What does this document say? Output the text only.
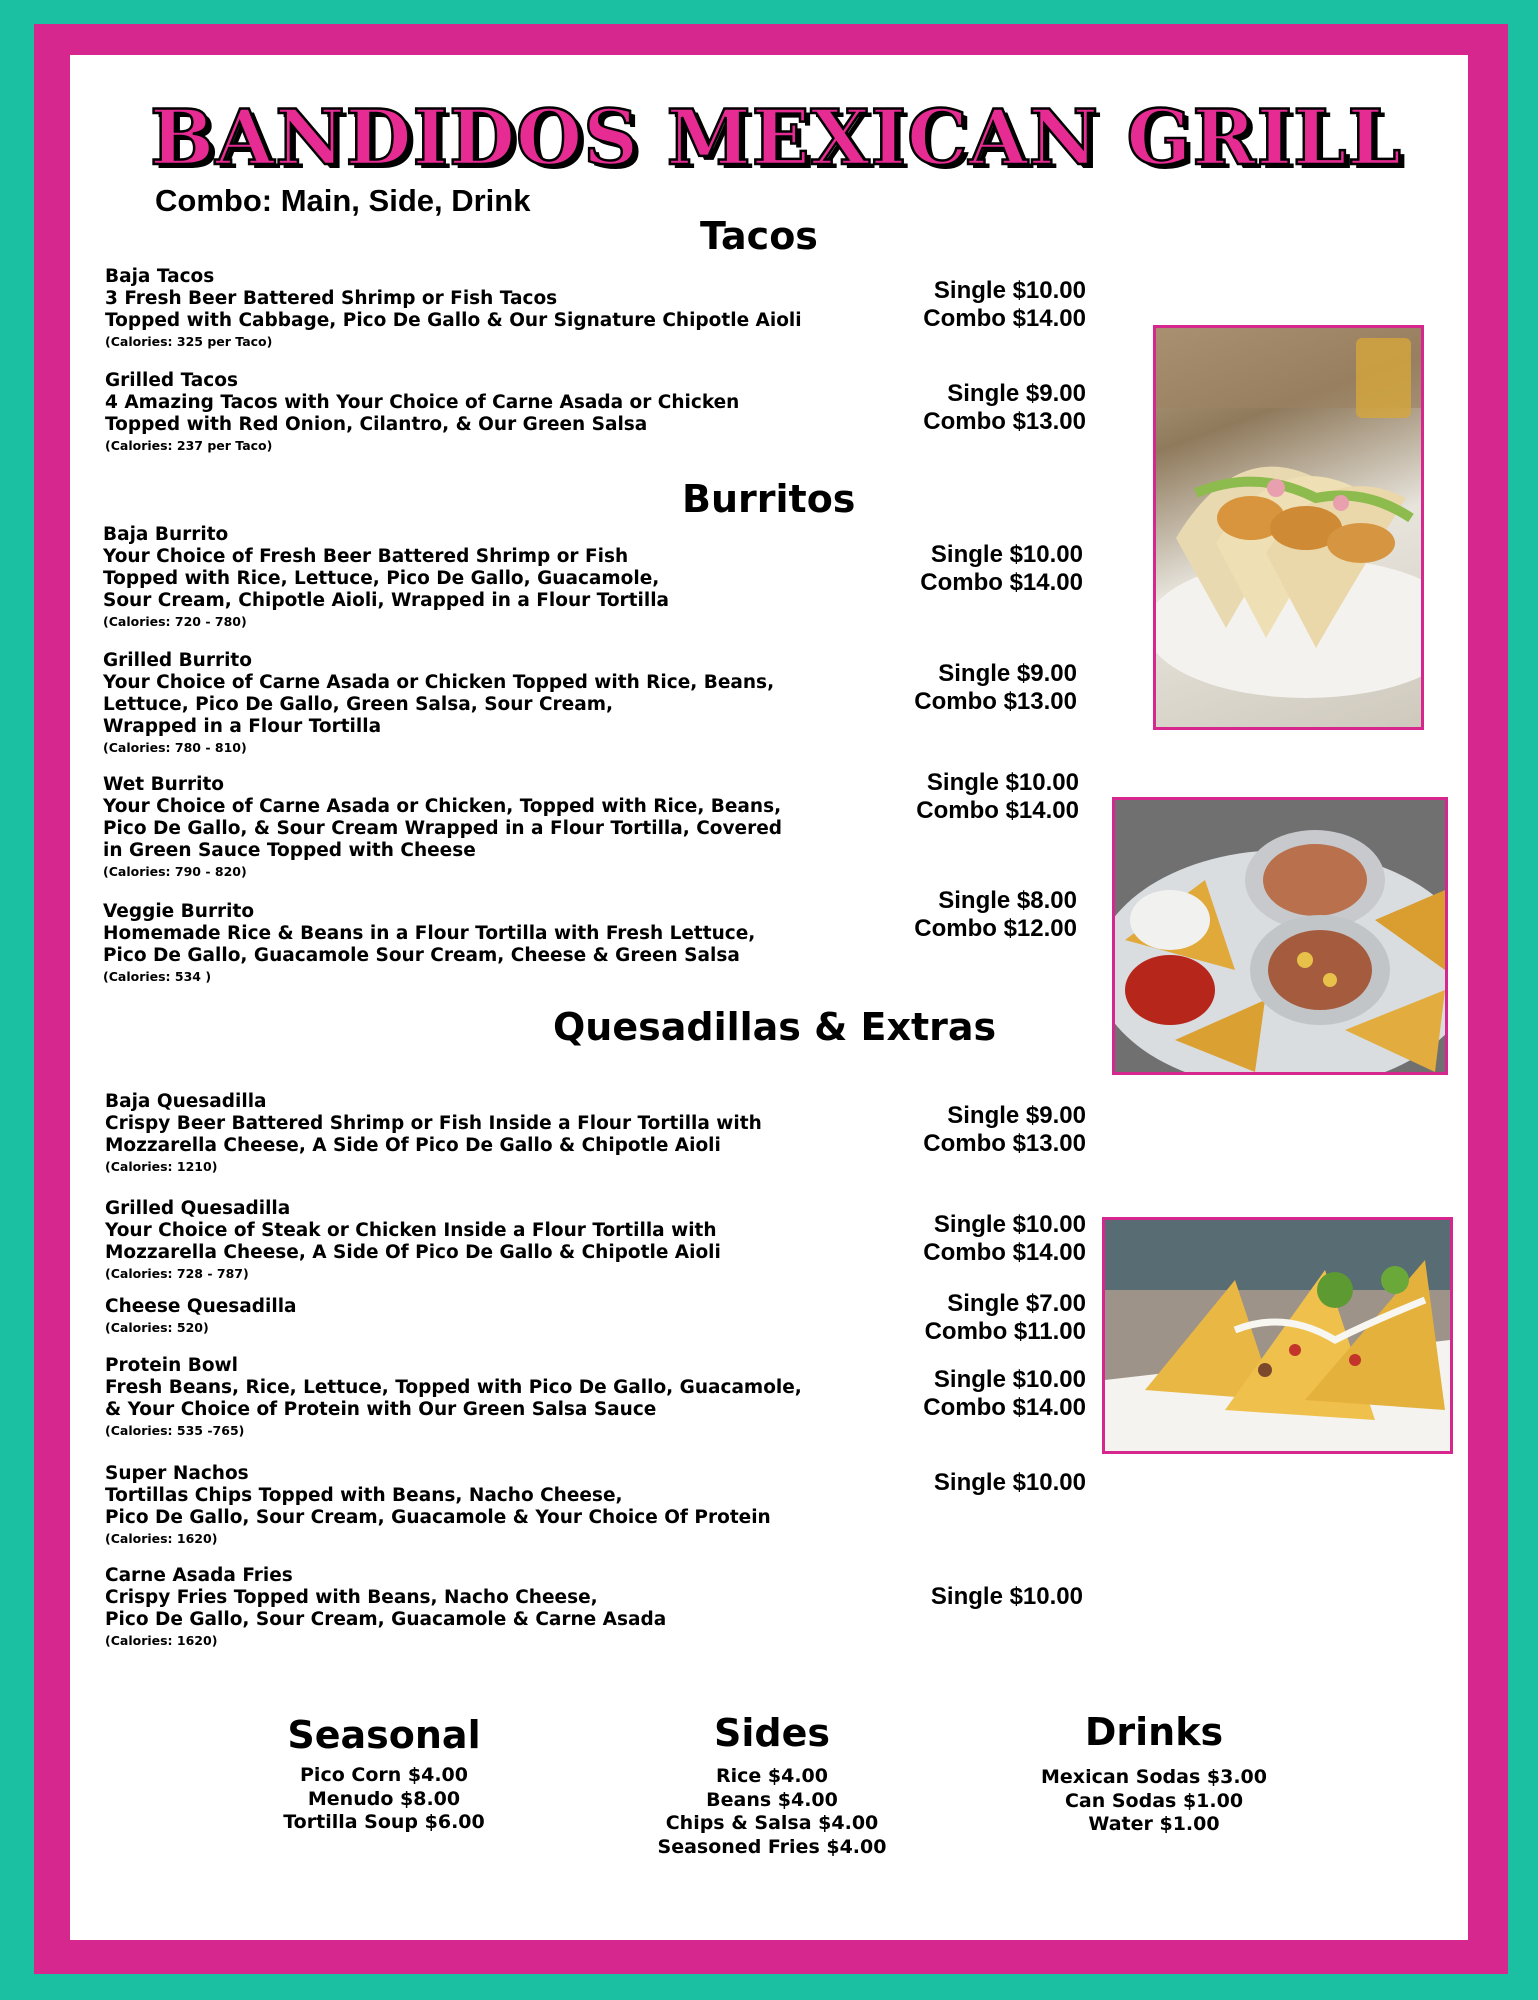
BANDIDOS MEXICAN GRILL
Combo: Main, Side, Drink
Tacos
Baja Tacos
3 Fresh Beer Battered Shrimp or Fish Tacos
Topped with Cabbage, Pico De Gallo & Our Signature Chipotle Aioli
(Calories: 325 per Taco)
Single $10.00
Combo $14.00
Grilled Tacos
4 Amazing Tacos with Your Choice of Carne Asada or Chicken
Topped with Red Onion, Cilantro, & Our Green Salsa
(Calories: 237 per Taco)
Single $9.00
Combo $13.00
Burritos
Baja Burrito
Your Choice of Fresh Beer Battered Shrimp or Fish
Topped with Rice, Lettuce, Pico De Gallo, Guacamole,
Sour Cream, Chipotle Aioli, Wrapped in a Flour Tortilla
(Calories: 720 - 780)
Single $10.00
Combo $14.00
Grilled Burrito
Your Choice of Carne Asada or Chicken Topped with Rice, Beans,
Lettuce, Pico De Gallo, Green Salsa, Sour Cream,
Wrapped in a Flour Tortilla
(Calories: 780 - 810)
Single $9.00
Combo $13.00
Wet Burrito
Your Choice of Carne Asada or Chicken, Topped with Rice, Beans,
Pico De Gallo, & Sour Cream Wrapped in a Flour Tortilla, Covered
in Green Sauce Topped with Cheese
(Calories: 790 - 820)
Single $10.00
Combo $14.00
Veggie Burrito
Homemade Rice & Beans in a Flour Tortilla with Fresh Lettuce,
Pico De Gallo, Guacamole Sour Cream, Cheese & Green Salsa
(Calories: 534 )
Single $8.00
Combo $12.00
Quesadillas & Extras
Baja Quesadilla
Crispy Beer Battered Shrimp or Fish Inside a Flour Tortilla with
Mozzarella Cheese, A Side Of Pico De Gallo & Chipotle Aioli
(Calories: 1210)
Single $9.00
Combo $13.00
Grilled Quesadilla
Your Choice of Steak or Chicken Inside a Flour Tortilla with
Mozzarella Cheese, A Side Of Pico De Gallo & Chipotle Aioli
(Calories: 728 - 787)
Single $10.00
Combo $14.00
Cheese Quesadilla
(Calories: 520)
Single $7.00
Combo $11.00
Protein Bowl
Fresh Beans, Rice, Lettuce, Topped with Pico De Gallo, Guacamole,
& Your Choice of Protein with Our Green Salsa Sauce
(Calories: 535 -765)
Single $10.00
Combo $14.00
Super Nachos
Tortillas Chips Topped with Beans, Nacho Cheese,
Pico De Gallo, Sour Cream, Guacamole & Your Choice Of Protein
(Calories: 1620)
Single $10.00
Carne Asada Fries
Crispy Fries Topped with Beans, Nacho Cheese,
Pico De Gallo, Sour Cream, Guacamole & Carne Asada
(Calories: 1620)
Single $10.00
Seasonal
Pico Corn $4.00
Menudo $8.00
Tortilla Soup $6.00
Sides
Rice $4.00
Beans $4.00
Chips & Salsa $4.00
Seasoned Fries $4.00
Drinks
Mexican Sodas $3.00
Can Sodas $1.00
Water $1.00
